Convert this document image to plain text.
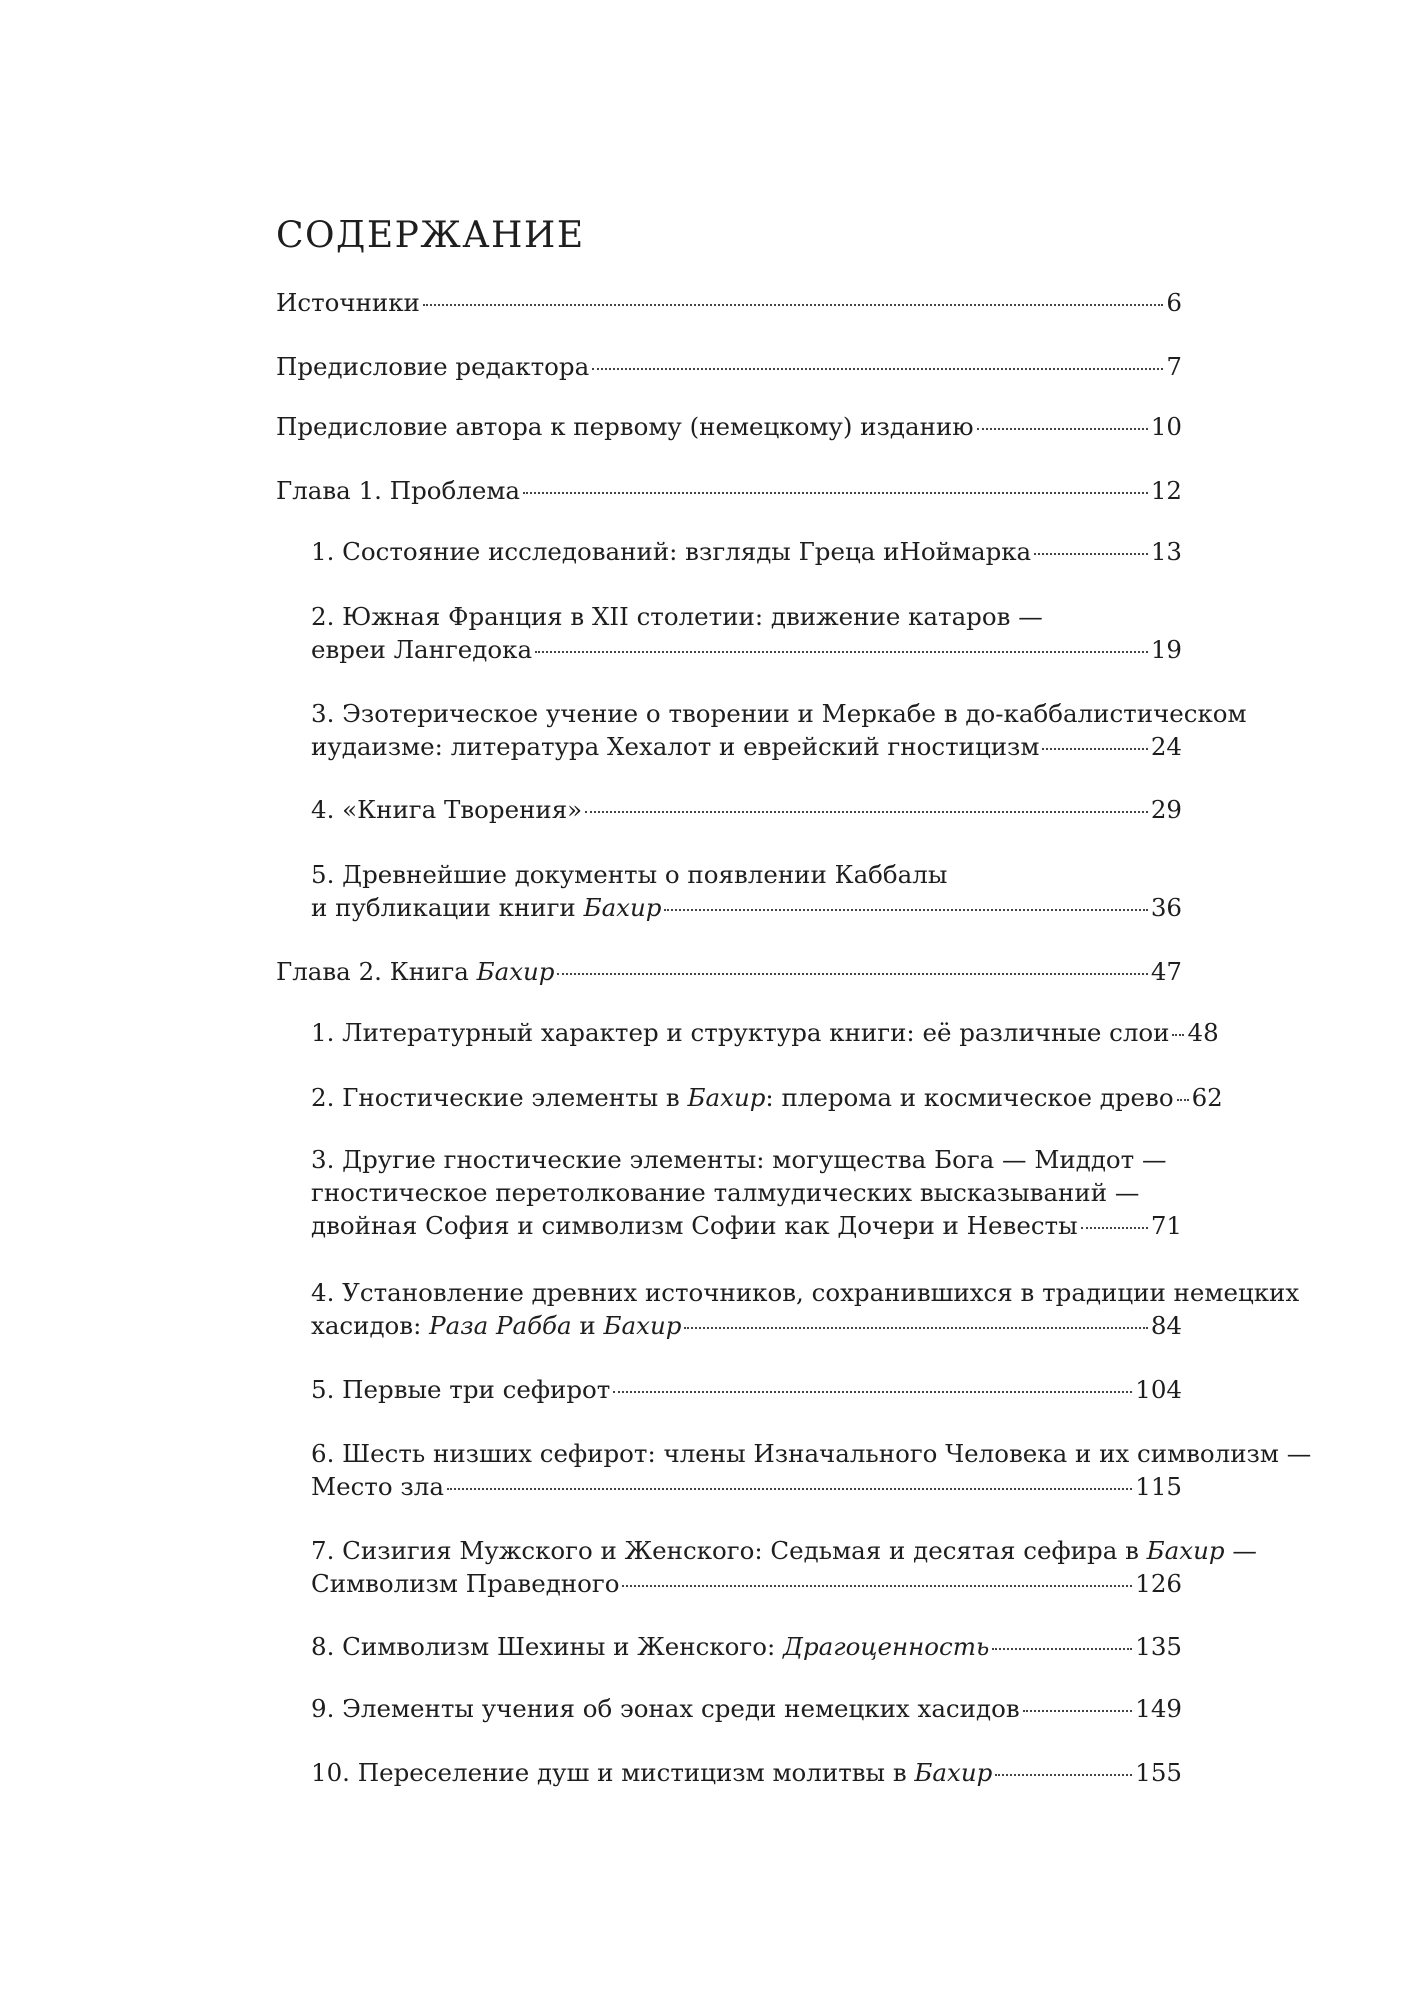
СОДЕРЖАНИЕ
Источники	6
Предисловие редактора	7
Предисловие автора к первому (немецкому) изданию	10
Глава 1. Проблема	12
1. Состояние исследований: взгляды Греца иНоймарка	13
2. Южная Франция в XII столетии: движение катаров —
евреи Лангедока	19
3. Эзотерическое учение о творении и Меркабе в до-каббалистическом
иудаизме: литература Хехалот и еврейский гностицизм	24
4. «Книга Творения»	29
5. Древнейшие документы о появлении Каббалы
и публикации книги Бахир	36
Глава 2. Книга Бахир	47
1. Литературный характер и структура книги: её различные слои 48
2. Гностические элементы в Бахир: плерома и космическое древо 62
3. Другие гностические элементы: могущества Бога — Миддот —
гностическое перетолкование талмудических высказываний —
двойная София и символизм Софии как Дочери и Невесты	71
4. Установление древних источников, сохранившихся в традиции немецких
хасидов: Раза Рабба и Бахир	84
5. Первые три сефирот	104
6. Шесть низших сефирот: члены Изначального Человека и их символизм —
Место зла	115
7. Сизигия Мужского и Женского: Седьмая и десятая сефира в Бахир —
Символизм Праведного	126
8. Символизм Шехины и Женского: Драгоценность	135
9. Элементы учения об эонах среди немецких хасидов	149
10. Переселение душ и мистицизм молитвы в Бахир	155
